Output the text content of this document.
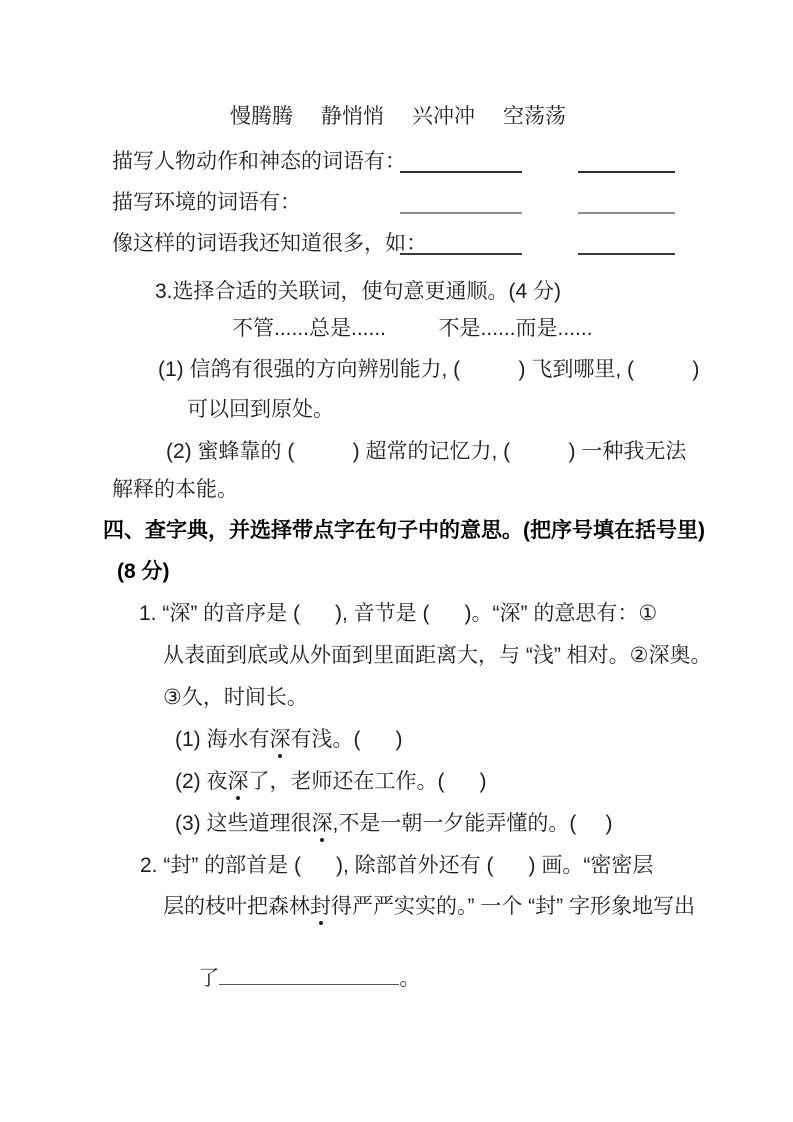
慢腾腾 静悄悄 兴冲冲 空荡荡

描写人物动作和神态的词语有：

描写环境的词语有：

像这样的词语我还知道很多，如：

3.选择合适的关联词，使句意更通顺。(4 分)
不管......总是......         不是......而是......
(1) 信鸽有很强的方向辨别能力, (          ) 飞到哪里, (          )
可以回到原处。
(2) 蜜蜂靠的 (          ) 超常的记忆力, (          ) 一种我无法
解释的本能。
四、查字典，并选择带点字在句子中的意思。(把序号填在括号里)
(8 分)
1. “深” 的音序是 (      ), 音节是 (      )。“深” 的意思有：①
从表面到底或从外面到里面距离大，与 “浅” 相对。②深奥。
③久，时间长。
(1) 海水有深有浅。(      )
(2) 夜深了，老师还在工作。(      )
(3) 这些道理很深,不是一朝一夕能弄懂的。(     )
2. “封” 的部首是 (      ), 除部首外还有 (      ) 画。“密密层
层的枝叶把森林封得严严实实的。” 一个 “封” 字形象地写出

了	。
